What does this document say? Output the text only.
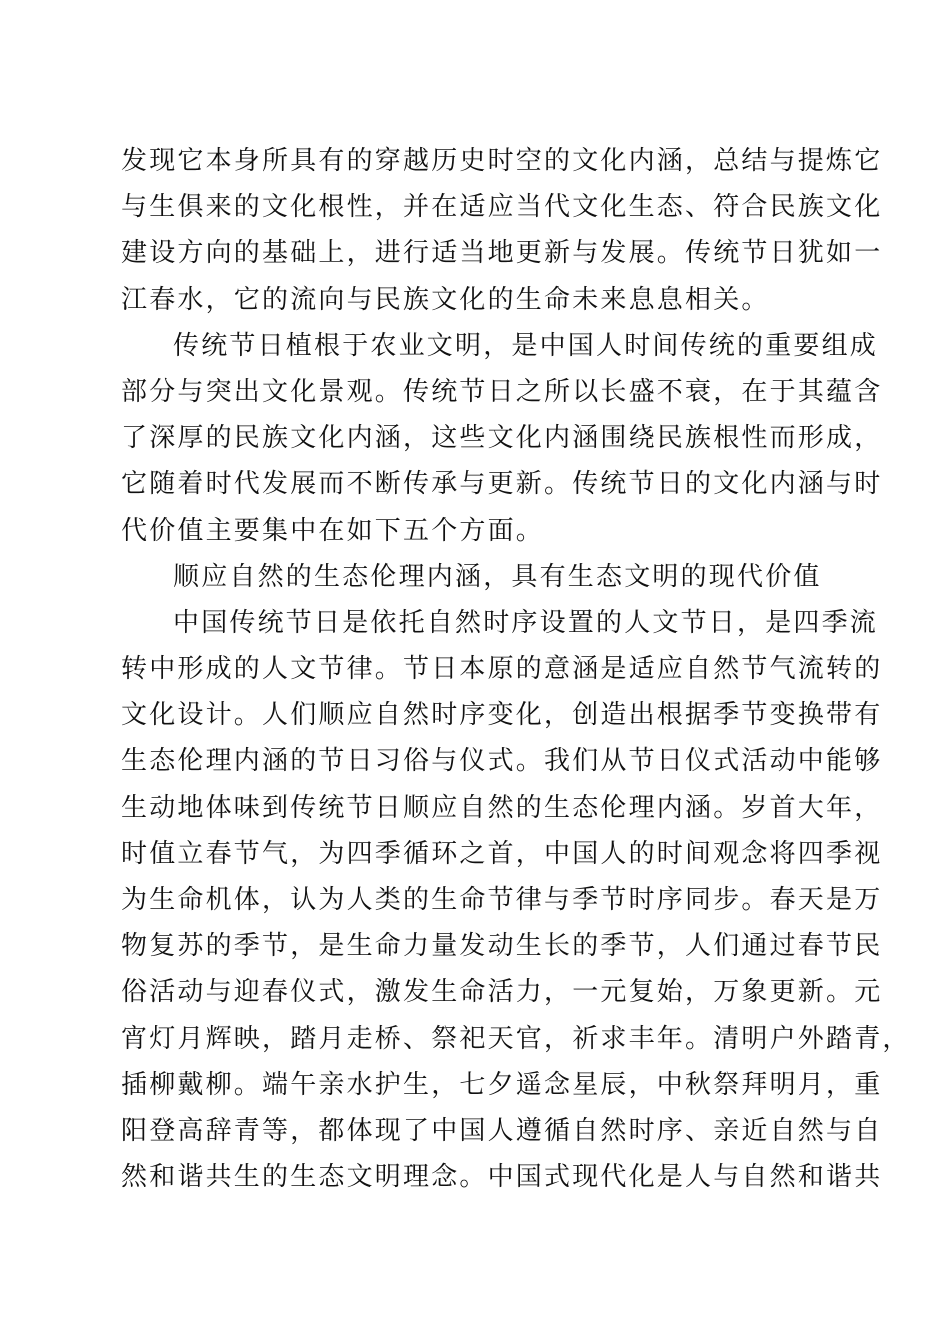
发现它本身所具有的穿越历史时空的文化内涵，总结与提炼它
与生俱来的文化根性，并在适应当代文化生态、符合民族文化
建设方向的基础上，进行适当地更新与发展。传统节日犹如一
江春水，它的流向与民族文化的生命未来息息相关。
传统节日植根于农业文明，是中国人时间传统的重要组成
部分与突出文化景观。传统节日之所以长盛不衰，在于其蕴含
了深厚的民族文化内涵，这些文化内涵围绕民族根性而形成，
它随着时代发展而不断传承与更新。传统节日的文化内涵与时
代价值主要集中在如下五个方面。
顺应自然的生态伦理内涵，具有生态文明的现代价值
中国传统节日是依托自然时序设置的人文节日，是四季流
转中形成的人文节律。节日本原的意涵是适应自然节气流转的
文化设计。人们顺应自然时序变化，创造出根据季节变换带有
生态伦理内涵的节日习俗与仪式。我们从节日仪式活动中能够
生动地体味到传统节日顺应自然的生态伦理内涵。岁首大年，
时值立春节气，为四季循环之首，中国人的时间观念将四季视
为生命机体，认为人类的生命节律与季节时序同步。春天是万
物复苏的季节，是生命力量发动生长的季节，人们通过春节民
俗活动与迎春仪式，激发生命活力，一元复始，万象更新。元
宵灯月辉映，踏月走桥、祭祀天官，祈求丰年。清明户外踏青，
插柳戴柳。端午亲水护生，七夕遥念星辰，中秋祭拜明月，重
阳登高辞青等，都体现了中国人遵循自然时序、亲近自然与自
然和谐共生的生态文明理念。中国式现代化是人与自然和谐共
